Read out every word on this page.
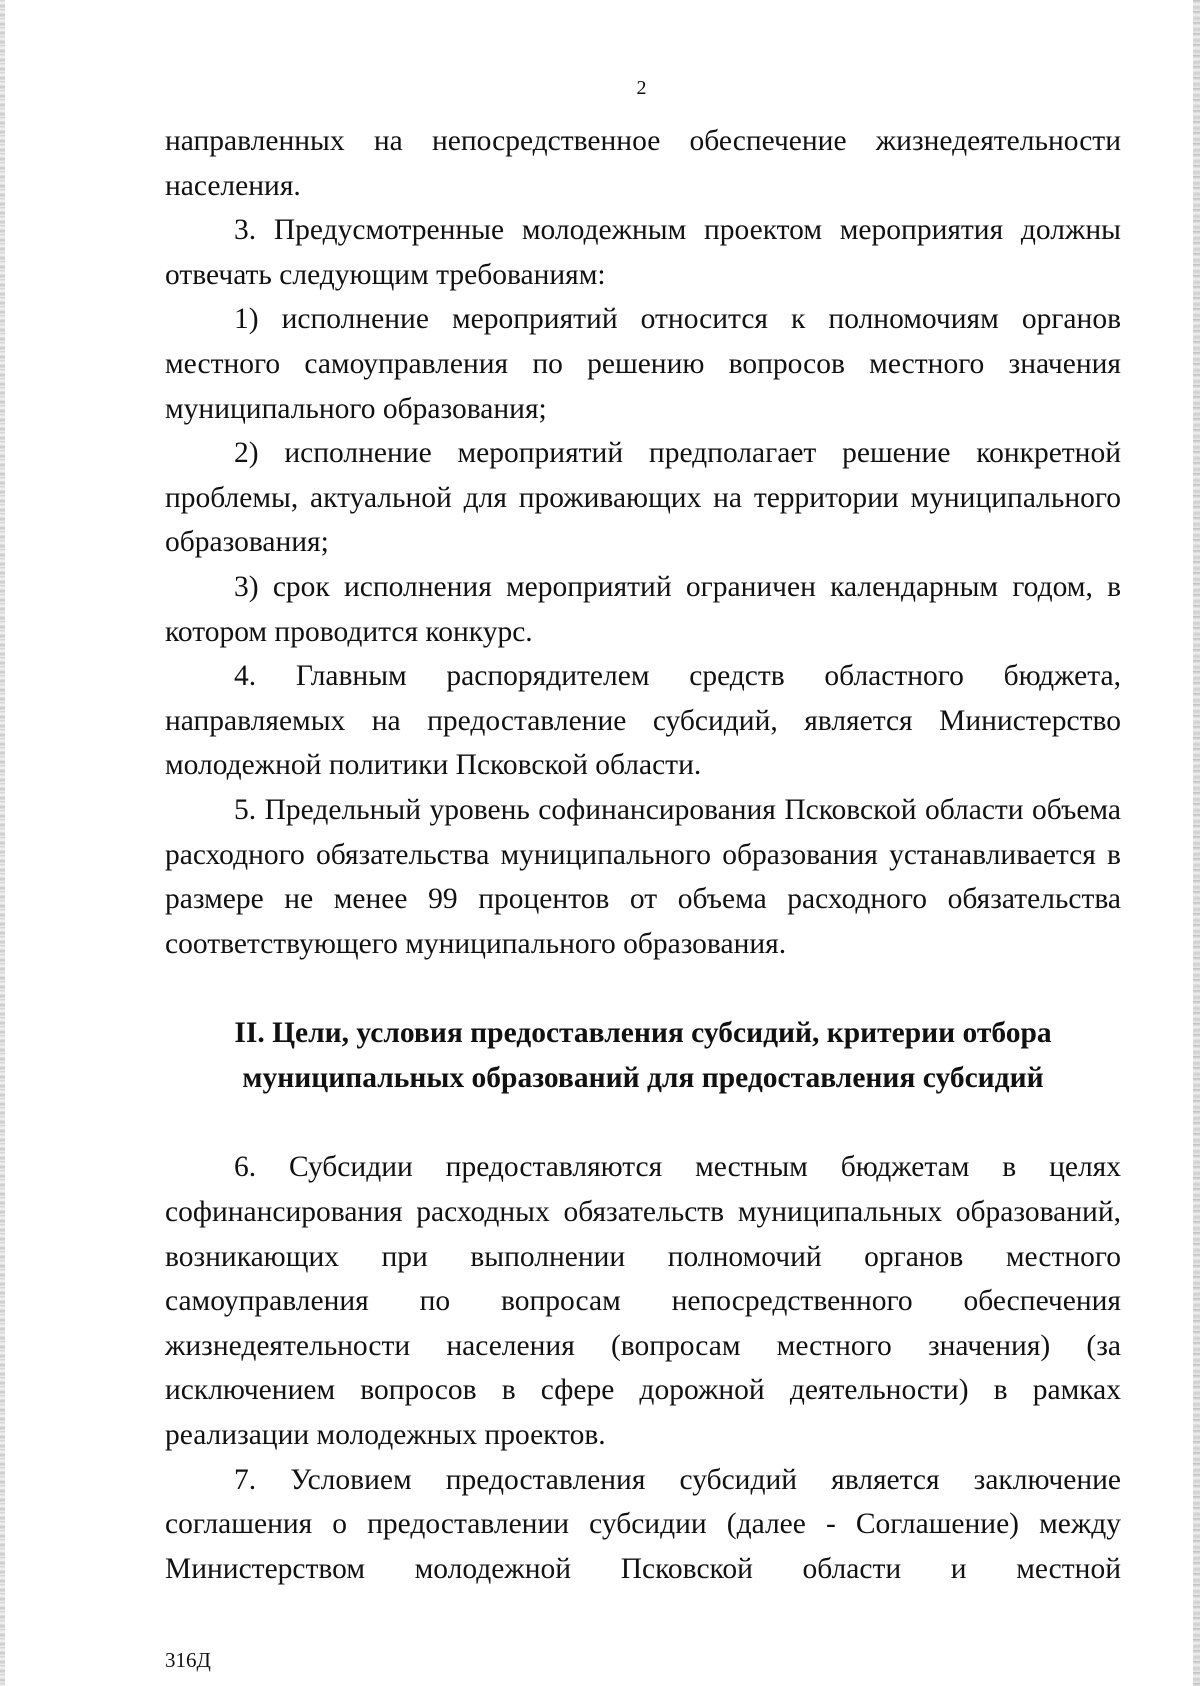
2

направленных на непосредственное обеспечение жизнедеятельности населения.

3. Предусмотренные молодежным проектом мероприятия должны отвечать следующим требованиям:

1) исполнение мероприятий относится к полномочиям органов местного самоуправления по решению вопросов местного значения муниципального образования;

2) исполнение мероприятий предполагает решение конкретной проблемы, актуальной для проживающих на территории муниципального образования;

3) срок исполнения мероприятий ограничен календарным годом, в котором проводится конкурс.

4. Главным распорядителем средств областного бюджета, направляемых на предоставление субсидий, является Министерство молодежной политики Псковской области.

5. Предельный уровень софинансирования Псковской области объема расходного обязательства муниципального образования устанавливается в размере не менее 99 процентов от объема расходного обязательства соответствующего муниципального образования.

II. Цели, условия предоставления субсидий, критерии отбора
муниципальных образований для предоставления субсидий

6. Субсидии предоставляются местным бюджетам в целях софинансирования расходных обязательств муниципальных образований, возникающих при выполнении полномочий органов местного самоуправления по вопросам непосредственного обеспечения жизнедеятельности населения (вопросам местного значения) (за исключением вопросов в сфере дорожной деятельности) в рамках реализации молодежных проектов.

7. Условием предоставления субсидий является заключение соглашения о предоставлении субсидии (далее - Соглашение) между Министерством молодежной Псковской области и местной

316Д
